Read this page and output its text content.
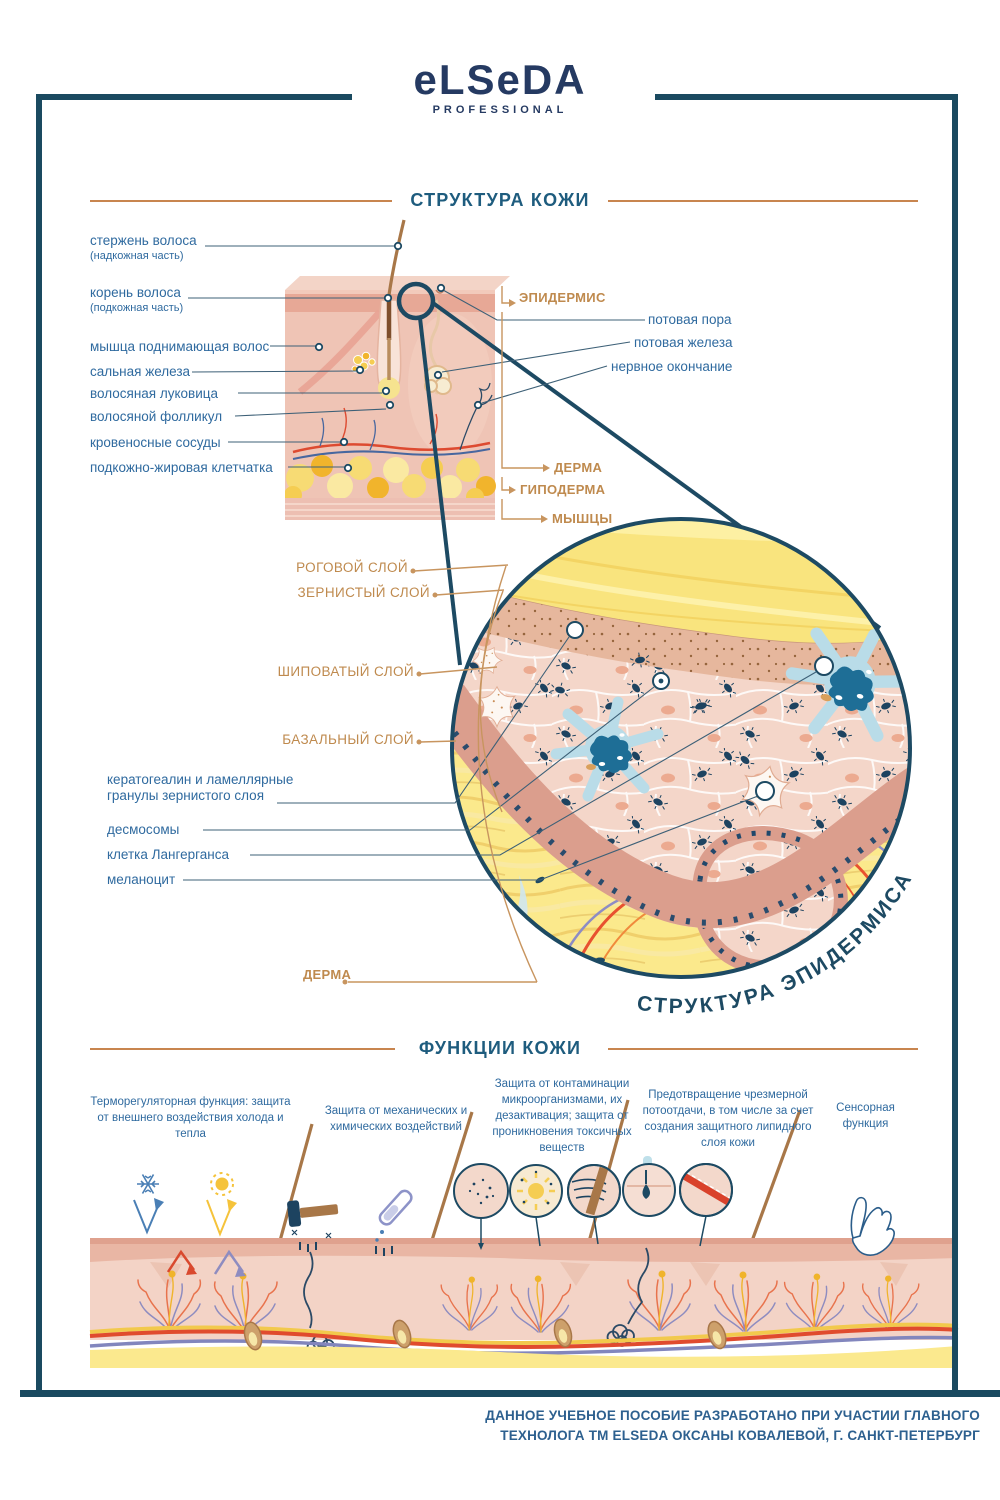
СТРУКТУРА ЭПИДЕРМИСА
eLSeDA
PROFESSIONAL
СТРУКТУРА КОЖИ
стержень волоса
(надкожная часть)
корень волоса
(подкожная часть)
мышца поднимающая волос
сальная железа
волосяная луковица
волосяной фолликул
кровеносные сосуды
подкожно-жировая клетчатка
ЭПИДЕРМИС
потовая пора
потовая железа
нервное окончание
ДЕРМА
ГИПОДЕРМА
МЫШЦЫ
РОГОВОЙ СЛОЙ
ЗЕРНИСТЫЙ СЛОЙ
ШИПОВАТЫЙ СЛОЙ
БАЗАЛЬНЫЙ СЛОЙ
кератогеалин и ламеллярные гранулы зернистого слоя
десмосомы
клетка Лангерганса
меланоцит
ДЕРМА
ФУНКЦИИ КОЖИ
Терморегуляторная функция: защита от внешнего воздействия холода и тепла
Защита от механических и химических воздействий
Защита от контаминации микроорганизмами, их дезактивация; защита от проникновения токсичных веществ
Предотвращение чрезмерной потоотдачи, в том числе за счет создания защитного липидного слоя кожи
Сенсорная функция
ДАННОЕ УЧЕБНОЕ ПОСОБИЕ РАЗРАБОТАНО ПРИ УЧАСТИИ ГЛАВНОГО
ТЕХНОЛОГА ТМ ELSEDA ОКСАНЫ КОВАЛЕВОЙ, Г. САНКТ-ПЕТЕРБУРГ
